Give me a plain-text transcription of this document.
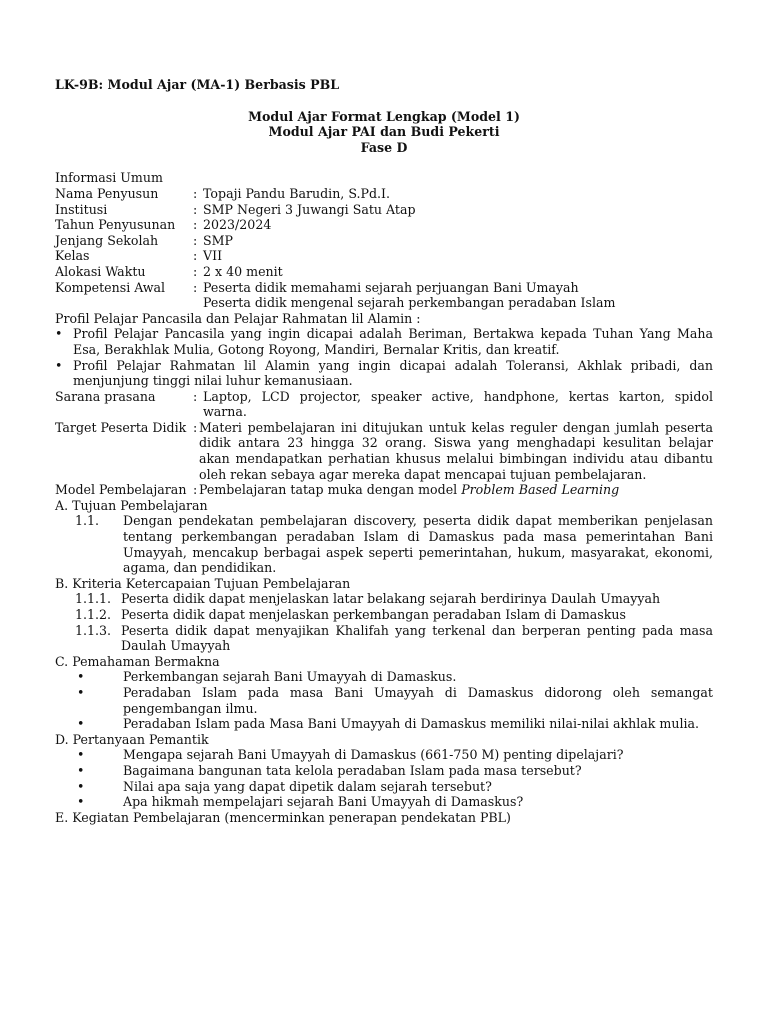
LK-9B: Modul Ajar (MA-1) Berbasis PBL
Modul Ajar Format Lengkap (Model 1)
Modul Ajar PAI dan Budi Pekerti
Fase D
Informasi Umum
Nama Penyusun	: Topaji Pandu Barudin, S.Pd.I.
Institusi	: SMP Negeri 3 Juwangi Satu Atap
Tahun Penyusunan	: 2023/2024
Jenjang Sekolah	: SMP
Kelas	: VII
Alokasi Waktu	: 2 x 40 menit
Kompetensi Awal	: Peserta didik memahami sejarah perjuangan Bani Umayah
Peserta didik mengenal sejarah perkembangan peradaban Islam
Profil Pelajar Pancasila dan Pelajar Rahmatan lil Alamin :
• Profil Pelajar Pancasila yang ingin dicapai adalah Beriman, Bertakwa kepada Tuhan Yang Maha Esa, Berakhlak Mulia, Gotong Royong, Mandiri, Bernalar Kritis, dan kreatif.
• Profil Pelajar Rahmatan lil Alamin yang ingin dicapai adalah Toleransi, Akhlak pribadi, dan menjunjung tinggi nilai luhur kemanusiaan.
Sarana prasana	: Laptop, LCD projector, speaker active, handphone, kertas karton, spidol warna.
Target Peserta Didik : Materi pembelajaran ini ditujukan untuk kelas reguler dengan jumlah peserta didik antara 23 hingga 32 orang. Siswa yang menghadapi kesulitan belajar akan mendapatkan perhatian khusus melalui bimbingan individu atau dibantu oleh rekan sebaya agar mereka dapat mencapai tujuan pembelajaran.
Model Pembelajaran : Pembelajaran tatap muka dengan model Problem Based Learning
A. Tujuan Pembelajaran
1.1.	Dengan pendekatan pembelajaran discovery, peserta didik dapat memberikan penjelasan tentang perkembangan peradaban Islam di Damaskus pada masa pemerintahan Bani Umayyah, mencakup berbagai aspek seperti pemerintahan, hukum, masyarakat, ekonomi, agama, dan pendidikan.
B. Kriteria Ketercapaian Tujuan Pembelajaran
1.1.1. Peserta didik dapat menjelaskan latar belakang sejarah berdirinya Daulah Umayyah
1.1.2. Peserta didik dapat menjelaskan perkembangan peradaban Islam di Damaskus
1.1.3. Peserta didik dapat menyajikan Khalifah yang terkenal dan berperan penting pada masa Daulah Umayyah
C. Pemahaman Bermakna
•	Perkembangan sejarah Bani Umayyah di Damaskus.
•	Peradaban Islam pada masa Bani Umayyah di Damaskus didorong oleh semangat pengembangan ilmu.
•	Peradaban Islam pada Masa Bani Umayyah di Damaskus memiliki nilai-nilai akhlak mulia.
D. Pertanyaan Pemantik
•	Mengapa sejarah Bani Umayyah di Damaskus (661-750 M) penting dipelajari?
•	Bagaimana bangunan tata kelola peradaban Islam pada masa tersebut?
•	Nilai apa saja yang dapat dipetik dalam sejarah tersebut?
•	Apa hikmah mempelajari sejarah Bani Umayyah di Damaskus?
E. Kegiatan Pembelajaran (mencerminkan penerapan pendekatan PBL)
